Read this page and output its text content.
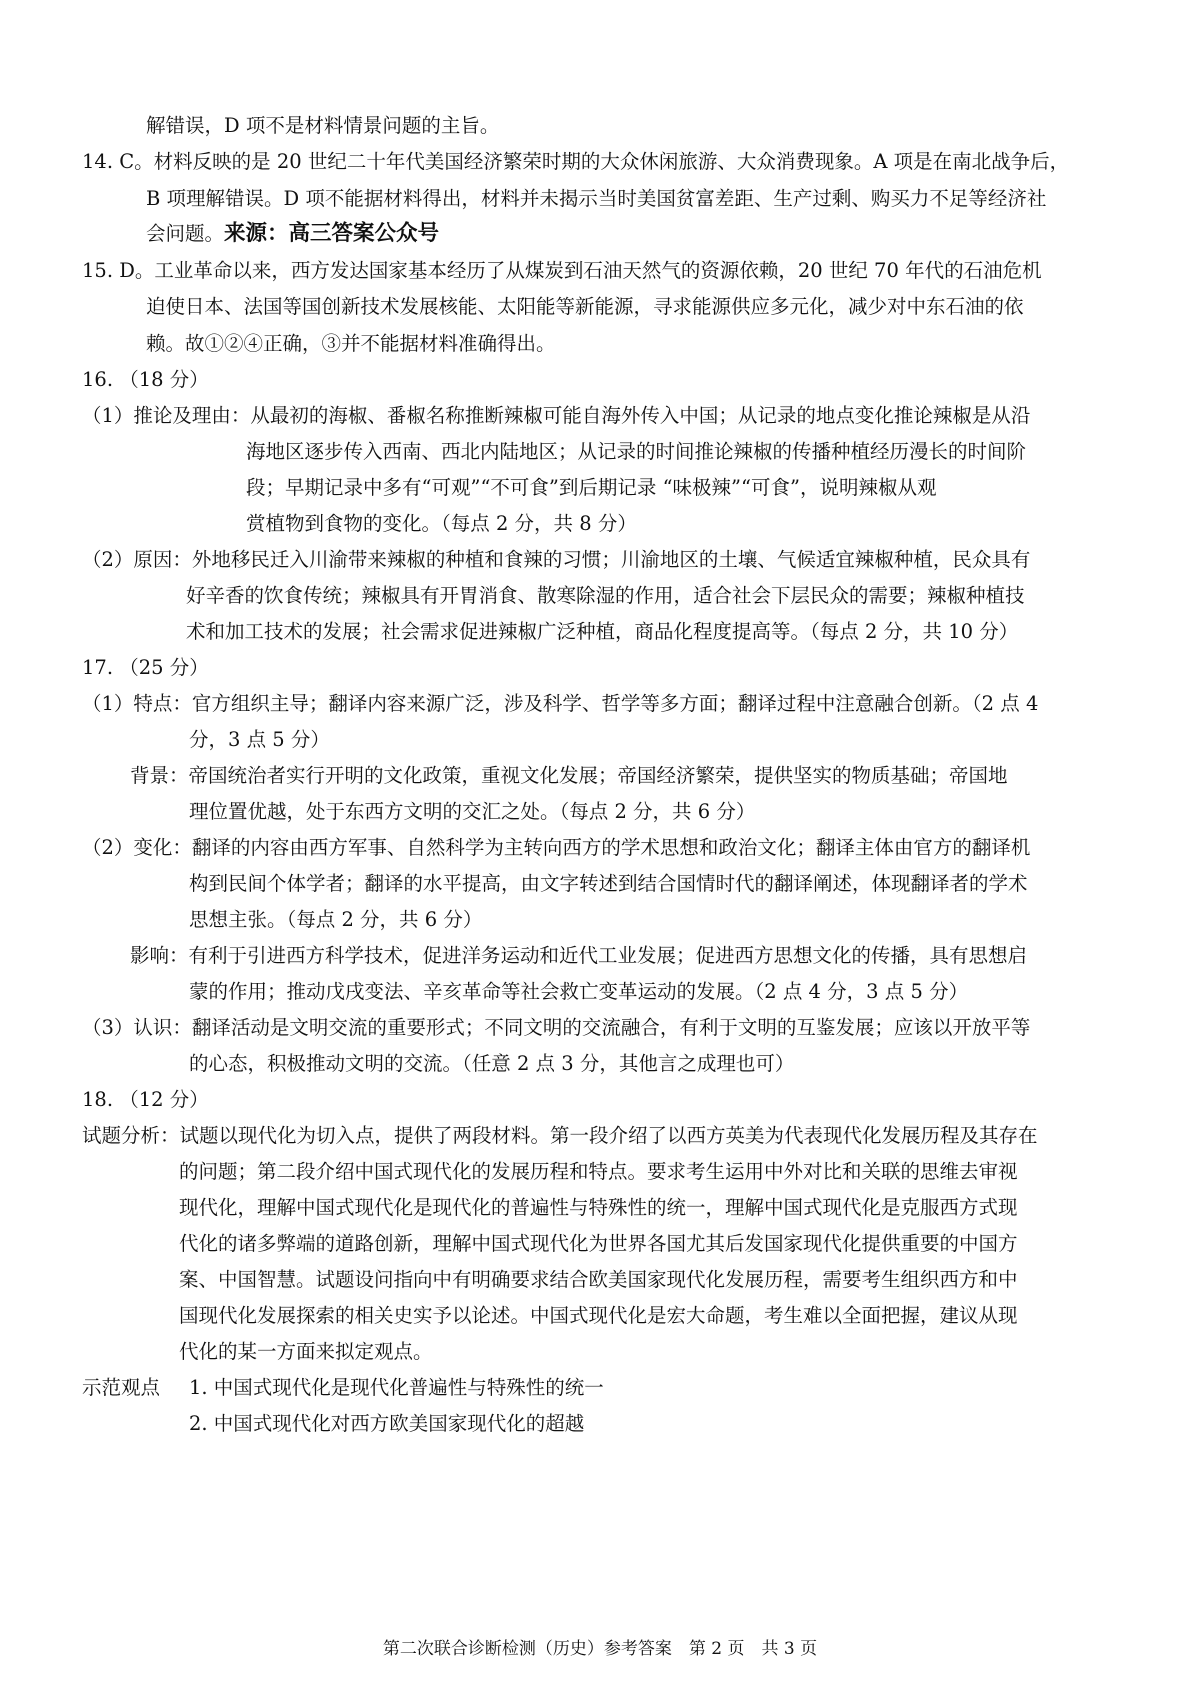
解错误，D 项不是材料情景问题的主旨。
14. C。材料反映的是 20 世纪二十年代美国经济繁荣时期的大众休闲旅游、大众消费现象。A 项是在南北战争后，
B 项理解错误。D 项不能据材料得出，材料并未揭示当时美国贫富差距、生产过剩、购买力不足等经济社
会问题。来源：高三答案公众号
15. D。工业革命以来，西方发达国家基本经历了从煤炭到石油天然气的资源依赖，20 世纪 70 年代的石油危机
迫使日本、法国等国创新技术发展核能、太阳能等新能源，寻求能源供应多元化，减少对中东石油的依
赖。故①②④正确，③并不能据材料准确得出。
16. （18 分）
（1）推论及理由：从最初的海椒、番椒名称推断辣椒可能自海外传入中国；从记录的地点变化推论辣椒是从沿
海地区逐步传入西南、西北内陆地区；从记录的时间推论辣椒的传播种植经历漫长的时间阶
段；早期记录中多有“可观”“不可食”到后期记录 “味极辣”“可食”，说明辣椒从观
赏植物到食物的变化。（每点 2 分，共 8 分）
（2）原因：外地移民迁入川渝带来辣椒的种植和食辣的习惯；川渝地区的土壤、气候适宜辣椒种植，民众具有
好辛香的饮食传统；辣椒具有开胃消食、散寒除湿的作用，适合社会下层民众的需要；辣椒种植技
术和加工技术的发展；社会需求促进辣椒广泛种植，商品化程度提高等。（每点 2 分，共 10 分）
17. （25 分）
（1）特点：官方组织主导；翻译内容来源广泛，涉及科学、哲学等多方面；翻译过程中注意融合创新。（2 点 4
分，3 点 5 分）
背景：帝国统治者实行开明的文化政策，重视文化发展；帝国经济繁荣，提供坚实的物质基础；帝国地
理位置优越，处于东西方文明的交汇之处。（每点 2 分，共 6 分）
（2）变化：翻译的内容由西方军事、自然科学为主转向西方的学术思想和政治文化；翻译主体由官方的翻译机
构到民间个体学者；翻译的水平提高，由文字转述到结合国情时代的翻译阐述，体现翻译者的学术
思想主张。（每点 2 分，共 6 分）
影响：有利于引进西方科学技术，促进洋务运动和近代工业发展；促进西方思想文化的传播，具有思想启
蒙的作用；推动戊戌变法、辛亥革命等社会救亡变革运动的发展。（2 点 4 分，3 点 5 分）
（3）认识：翻译活动是文明交流的重要形式；不同文明的交流融合，有利于文明的互鉴发展；应该以开放平等
的心态，积极推动文明的交流。（任意 2 点 3 分，其他言之成理也可）
18. （12 分）
试题分析：试题以现代化为切入点，提供了两段材料。第一段介绍了以西方英美为代表现代化发展历程及其存在
的问题；第二段介绍中国式现代化的发展历程和特点。要求考生运用中外对比和关联的思维去审视
现代化，理解中国式现代化是现代化的普遍性与特殊性的统一，理解中国式现代化是克服西方式现
代化的诸多弊端的道路创新，理解中国式现代化为世界各国尤其后发国家现代化提供重要的中国方
案、中国智慧。试题设问指向中有明确要求结合欧美国家现代化发展历程，需要考生组织西方和中
国现代化发展探索的相关史实予以论述。中国式现代化是宏大命题，考生难以全面把握，建议从现
代化的某一方面来拟定观点。
示范观点 1. 中国式现代化是现代化普遍性与特殊性的统一
2. 中国式现代化对西方欧美国家现代化的超越
第二次联合诊断检测（历史）参考答案　第 2 页　共 3 页
